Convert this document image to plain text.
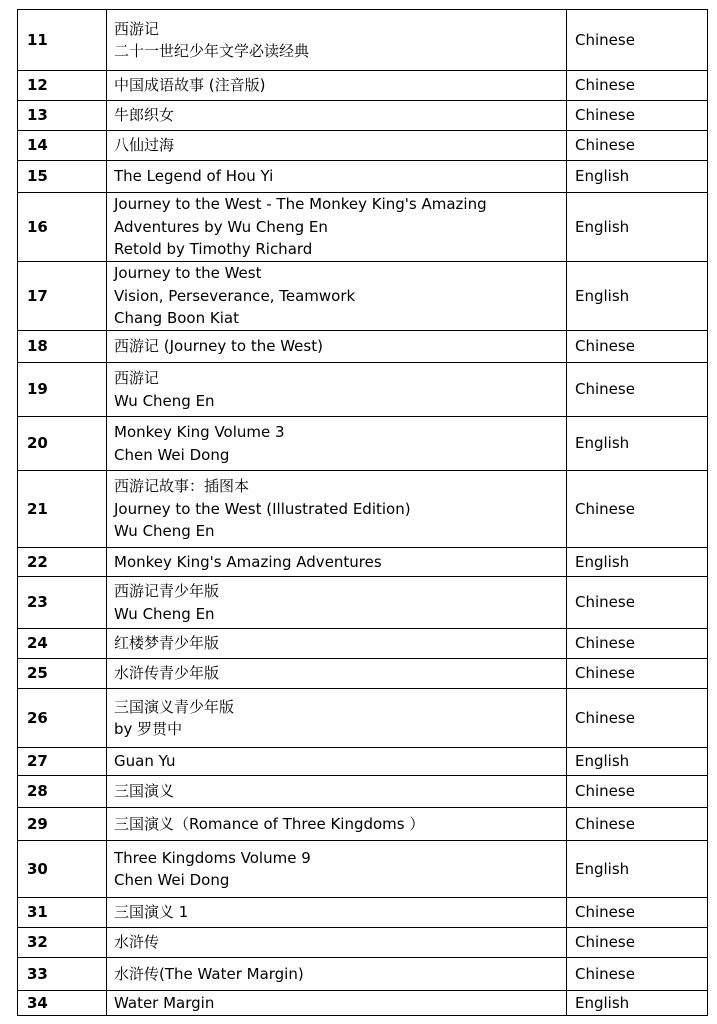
11	西游记
二十一世纪少年文学必读经典	Chinese
12	中国成语故事 (注音版)	Chinese
13	牛郎织女	Chinese
14	八仙过海	Chinese
15	The Legend of Hou Yi	English
16	Journey to the West - The Monkey King's Amazing
Adventures by Wu Cheng En
Retold by Timothy Richard	English
17	Journey to the West
Vision, Perseverance, Teamwork
Chang Boon Kiat	English
18	西游记 (Journey to the West)	Chinese
19	西游记
Wu Cheng En	Chinese
20	Monkey King Volume 3
Chen Wei Dong	English
21	西游记故事：插图本
Journey to the West (Illustrated Edition)
Wu Cheng En	Chinese
22	Monkey King's Amazing Adventures	English
23	西游记青少年版
Wu Cheng En	Chinese
24	红楼梦青少年版	Chinese
25	水浒传青少年版	Chinese
26	三国演义青少年版
by 罗贯中	Chinese
27	Guan Yu	English
28	三国演义	Chinese
29	三国演义（Romance of Three Kingdoms ）	Chinese
30	Three Kingdoms Volume 9
Chen Wei Dong	English
31	三国演义 1	Chinese
32	水浒传	Chinese
33	水浒传(The Water Margin)	Chinese
34	Water Margin	English
